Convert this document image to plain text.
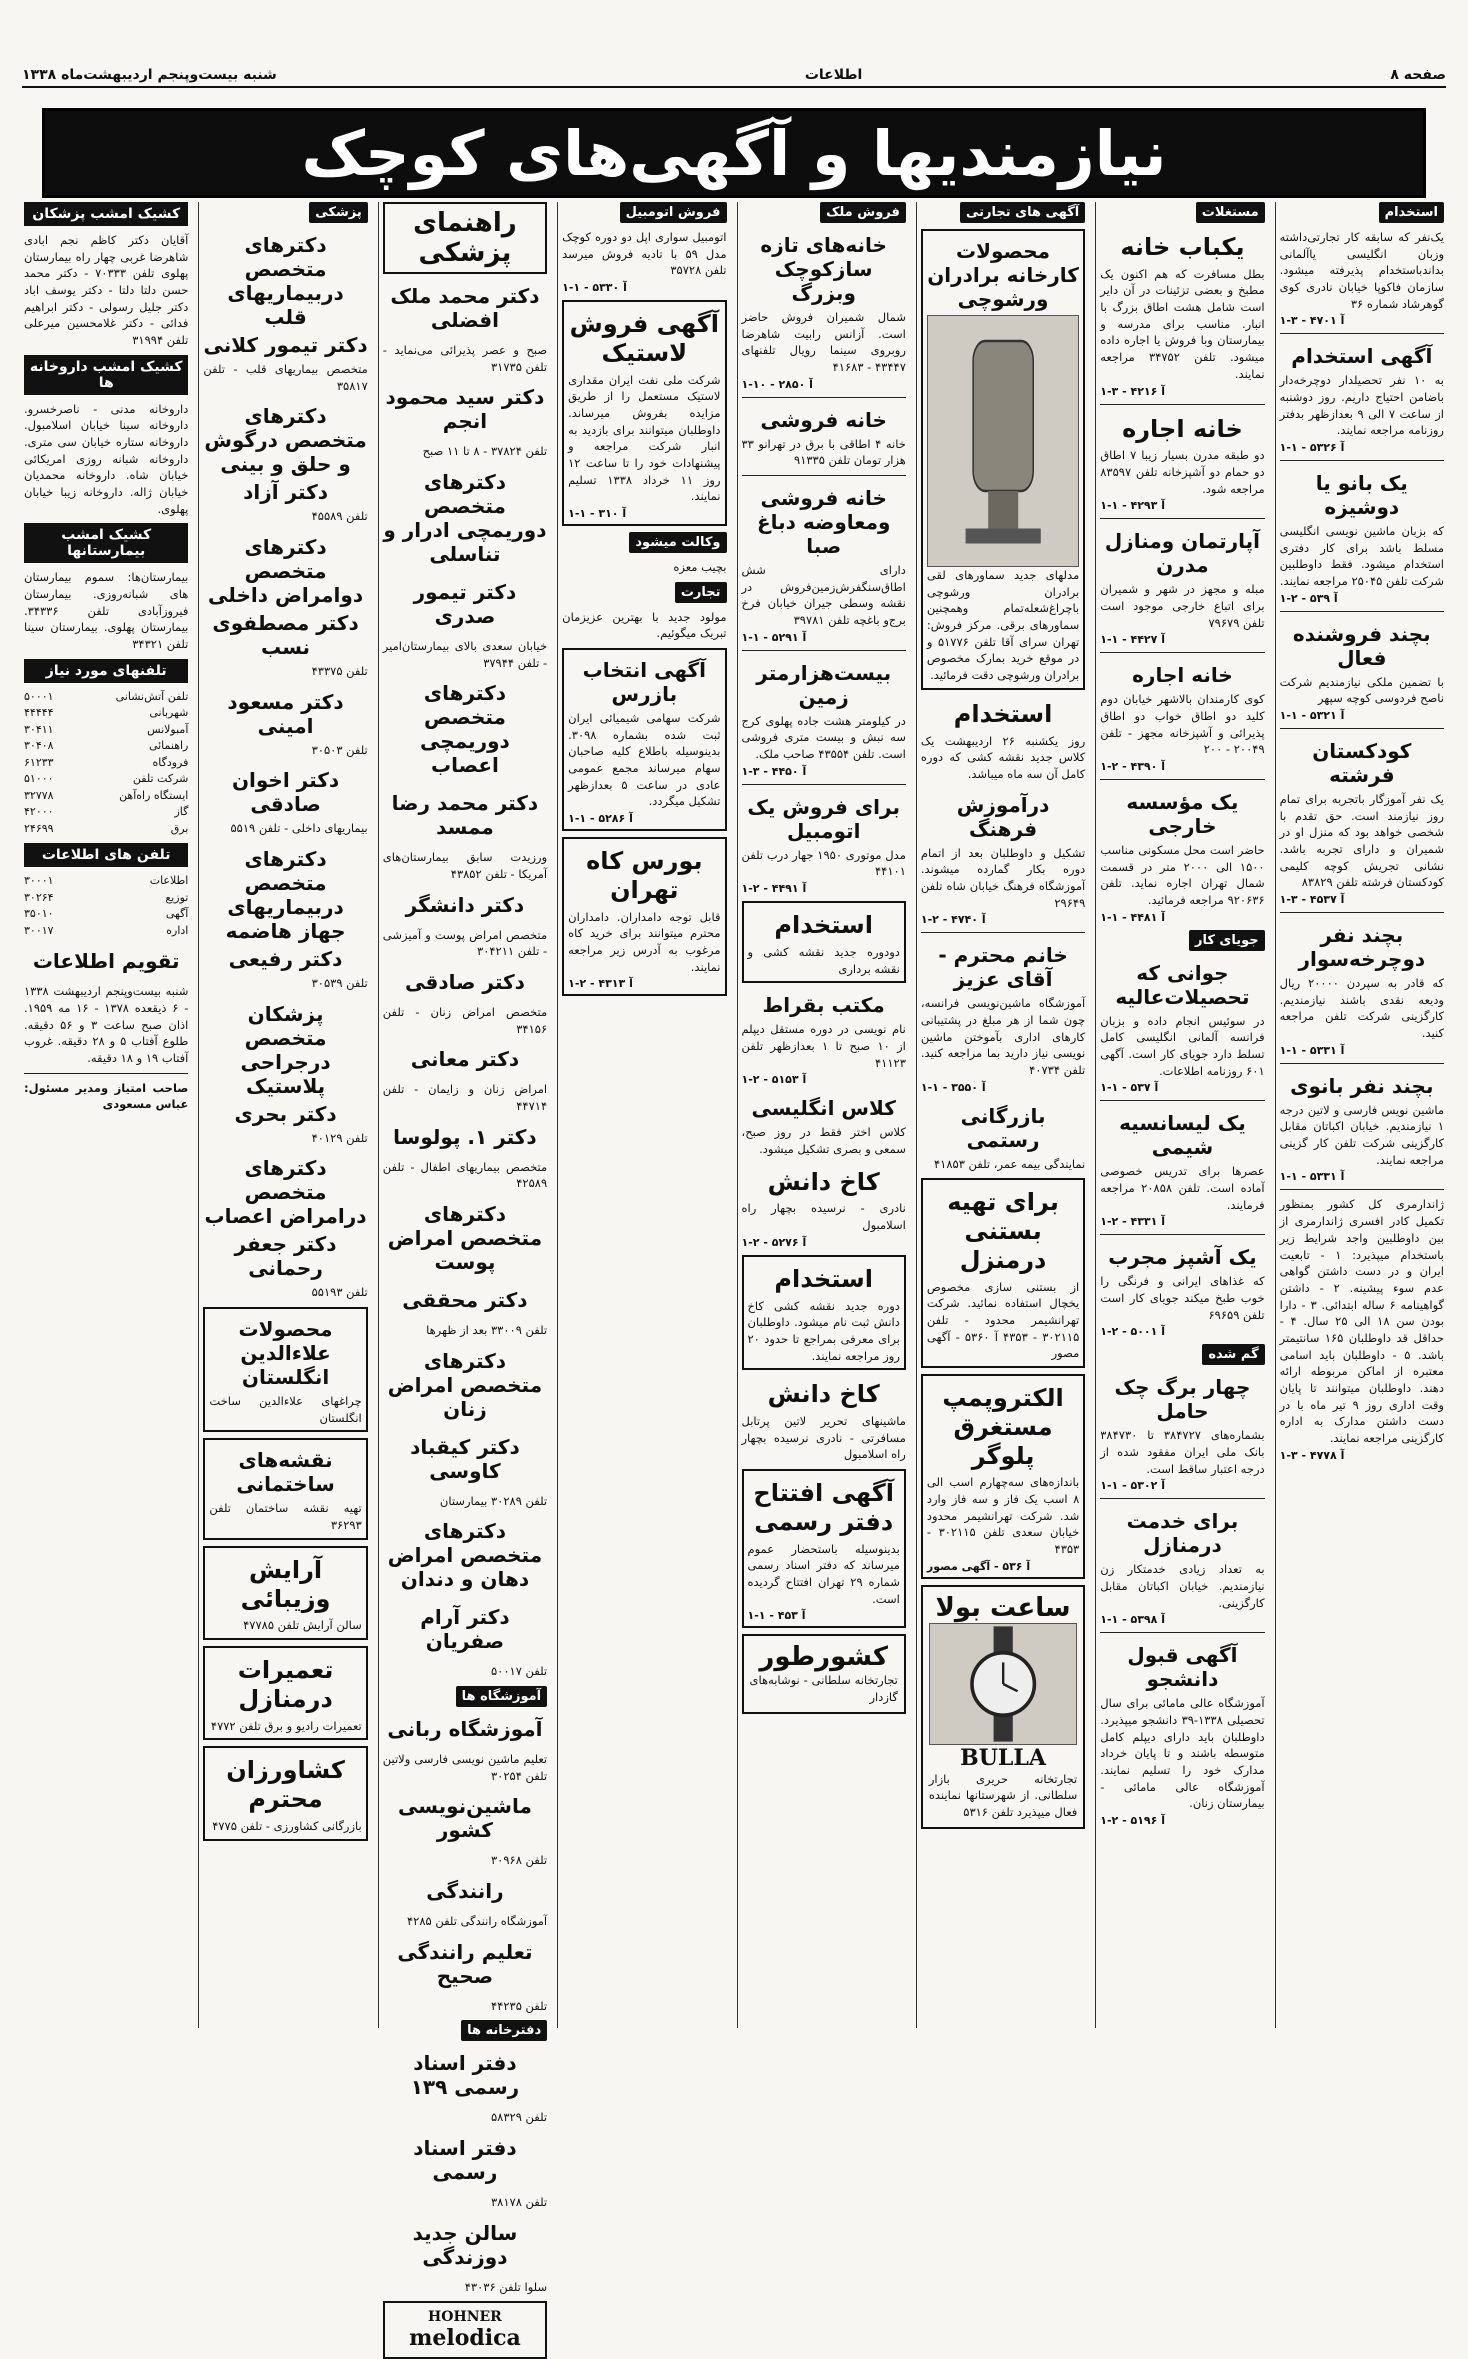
صفحه ۸
اطلاعات
شنبه بیست‌وپنجم اردیبهشت‌ماه ۱۳۳۸
نیازمندیها و آگهی‌های کوچک
استخدام
یک‌نفر که سابقه کار تجارتی‌داشته وزبان انگلیسی یاآلمانی بداندباستخدام پذیرفته میشود. سازمان فاکوپا خیابان نادری کوی گوهرشاد شماره ۳۶
آ ۴۷۰۱ - ۳-۱
آگهی استخدام
به ۱۰ نفر تحصیلدار دوچرخه‌دار باضامن احتیاج داریم. روز دوشنبه از ساعت ۷ الی ۹ بعدازظهر بدفتر روزنامه مراجعه نمایند.
آ ۵۳۲۶ - ۱-۱
یک بانو یا دوشیزه
که بزبان ماشین نویسی انگلیسی مسلط باشد برای کار دفتری استخدام میشود. فقط داوطلبین شرکت تلفن ۲۵۰۴۵ مراجعه نمایند.
آ ۵۳۹ - ۲-۱
بچند فروشنده فعال
با تضمین ملکی نیازمندیم شرکت ناصح فردوسی کوچه سپهر
آ ۵۳۲۱ - ۱-۱
کودکستان فرشته
یک نفر آموزگار باتجربه برای تمام روز نیازمند است. حق تقدم با شخصی خواهد بود که منزل او در شمیران و دارای تجربه باشد. نشانی تجریش کوچه کلیمی کودکستان فرشته تلفن ۸۳۸۲۹
آ ۴۵۳۷ - ۳-۱
بچند نفر دوچرخه‌سوار
که قادر به سپردن ۲۰۰۰۰ ریال ودیعه نقدی باشند نیازمندیم. کارگزینی شرکت تلفن مراجعه کنید.
آ ۵۳۳۱ - ۱-۱
بچند نفر بانوی
ماشین نویس فارسی و لاتین درجه ۱ نیازمندیم. خیابان اکباتان مقابل کارگزینی شرکت تلفن کار گزینی مراجعه نمایند.
آ ۵۳۳۱ - ۱-۱
ژاندارمری کل کشور بمنظور تکمیل کادر افسری ژاندارمری از بین داوطلبین واجد شرایط زیر باستخدام میپذیرد: ۱ - تابعیت ایران و در دست داشتن گواهی عدم سوء پیشینه. ۲ - داشتن گواهینامه ۶ ساله ابتدائی. ۳ - دارا بودن سن ۱۸ الی ۲۵ سال. ۴ - حداقل قد داوطلبان ۱۶۵ سانتیمتر باشد. ۵ - داوطلبان باید اسامی معتبره از اماکن مربوطه ارائه دهند. داوطلبان میتوانند تا پایان وقت اداری روز ۹ تیر ماه با در دست داشتن مدارک به اداره کارگزینی مراجعه نمایند.
آ ۴۷۷۸ - ۳-۱
مستغلات
یکباب خانه
بطل مسافرت که هم اکنون یک مطبخ و بعضی تزئینات در آن دایر است شامل هشت اطاق بزرگ با انبار. مناسب برای مدرسه و بیمارستان وبا فروش یا اجاره داده میشود. تلفن ۳۴۷۵۲ مراجعه نمایند.
آ ۴۲۱۶ - ۳-۱
خانه اجاره
دو طبقه مدرن بسیار زیبا ۷ اطاق دو حمام دو آشپزخانه تلفن ۸۳۵۹۷ مراجعه شود.
آ ۴۲۹۳ - ۱-۱
آپارتمان ومنازل مدرن
مبله و مجهز در شهر و شمیران برای اتباع خارجی موجود است تلفن ۷۹۶۷۹
آ ۴۴۲۷ - ۱-۱
خانه اجاره
کوی کارمندان بالاشهر خیابان دوم کلید دو اطاق خواب دو اطاق پذیرائی و آشپزخانه مجهز - تلفن ۲۰۰۴۹ - ۲۰۰
آ ۴۳۹۰ - ۲-۱
یک مؤسسه خارجی
حاضر است محل مسکونی مناسب ۱۵۰۰ الی ۲۰۰۰ متر در قسمت شمال تهران اجاره نماید. تلفن ۹۲۰۶۳۶ مراجعه فرمائید.
آ ۴۴۸۱ - ۱-۱
جویای کار
جوانی که تحصیلات‌عالیه
در سوئیس انجام داده و بزبان فرانسه آلمانی انگلیسی کامل تسلط دارد جویای کار است. آگهی ۶۰۱ روزنامه اطلاعات.
آ ۵۳۷ - ۱-۱
یک لیسانسیه شیمی
عصرها برای تدریس خصوصی آماده است. تلفن ۲۰۸۵۸ مراجعه فرمایند.
آ ۴۳۳۱ - ۲-۱
یک آشپز مجرب
که غذاهای ایرانی و فرنگی را خوب طبخ میکند جویای کار است تلفن ۶۹۶۵۹
آ ۵۰۰۱ - ۲-۱
گم شده
چهار برگ چک حامل
بشماره‌های ۳۸۴۷۲۷ تا ۳۸۴۷۳۰ بانک ملی ایران مفقود شده از درجه اعتبار ساقط است.
آ ۵۳۰۲ - ۱-۱
برای خدمت درمنازل
به تعداد زیادی خدمتکار زن نیازمندیم. خیابان اکباتان مقابل کارگزینی.
آ ۵۳۹۸ - ۱-۱
آگهی قبول دانشجو
آموزشگاه عالی مامائی برای سال تحصیلی ۱۳۳۸-۳۹ دانشجو میپذیرد. داوطلبان باید دارای دیپلم کامل متوسطه باشند و تا پایان خرداد مدارک خود را تسلیم نمایند. آموزشگاه عالی مامائی - بیمارستان زنان.
آ ۵۱۹۶ - ۲-۱
آگهی های تجارتی
محصولات کارخانه برادران ورشوچی
مدلهای جدید سماورهای لقی برادران ورشوچی باچراغ‌شعله‌تمام وهمچنین سماورهای برقی. مرکز فروش: تهران سرای آقا تلفن ۵۱۷۷۶ و در موقع خرید بمارک مخصوص برادران ورشوچی دقت فرمائید.
استخدام
روز یکشنبه ۲۶ اردیبهشت یک کلاس جدید نقشه کشی که دوره کامل آن سه ماه میباشد.
درآموزش فرهنگ
تشکیل و داوطلبان بعد از اتمام دوره بکار گمارده میشوند. آموزشگاه فرهنگ خیابان شاه تلفن ۲۹۶۴۹
آ ۴۷۴۰ - ۲-۱
خانم محترم - آقای عزیز
آموزشگاه ماشین‌نویسی فرانسه، چون شما از هر مبلغ در پشتیبانی کارهای اداری بآموختن ماشین نویسی نیاز دارید بما مراجعه کنید. تلفن ۴۰۷۳۴
آ ۳۵۵۰ - ۱-۱
بازرگانی رستمی
نمایندگی بیمه عمر، تلفن ۴۱۸۵۳
برای تهیه بستنی درمنزل
از بستنی سازی مخصوص یخچال استفاده نمائید. شرکت تهرانشیمر محدود - تلفن ۳۰۲۱۱۵ - ۴۳۵۳ آ ۵۳۶۰ - آگهی مصور
الکتروپمپ مستغرق پلوگر
باندازه‌های سه‌چهارم اسب الی ۸ اسب یک فاز و سه فاز وارد شد. شرکت تهرانشیمر محدود خیابان سعدی تلفن ۳۰۲۱۱۵ - ۴۳۵۳
آ ۵۳۶ - آگهی مصور
ساعت بولا
BULLA
تجارتخانه حریری بازار سلطانی. از شهرستانها نماینده فعال میپذیرد تلفن ۵۳۱۶
فروش ملک
خانه‌های تازه سازکوچک وبزرگ
شمال شمیران فروش حاضر است. آزانس رابیت شاهرضا روبروی سینما رویال تلفنهای ۴۳۴۴۷ - ۴۱۶۸۳
آ ۲۸۵۰ - ۱۰-۱
خانه فروشی
خانه ۴ اطاقی با برق در تهرانو ۳۳ هزار تومان تلفن ۹۱۳۳۵
خانه فروشی ومعاوضه دباغ صبا
دارای شش اطاق‌سنگفرش‌زمین‌فروش در نقشه وسطی جیران خیابان فرخ برج‌و باغچه تلفن ۳۹۷۸۱
آ ۵۲۹۱ - ۱-۱
بیست‌هزارمتر زمین
در کیلومتر هشت جاده پهلوی کرج سه‌ نبش و بیست متری فروشی است. تلفن ۴۳۵۵۴ صاحب ملک.
آ ۴۴۵۰ - ۳-۱
برای فروش یک اتومبیل
مدل موتوری ۱۹۵۰ جهار درب تلفن ۴۴۱۰۱
آ ۴۴۹۱ - ۲-۱
استخدام
دودوره جدید نقشه کشی و نقشه برداری
مکتب بقراط
نام نویسی در دوره مستقل دیپلم از ۱۰ صبح تا ۱ بعدازظهر تلفن ۴۱۱۲۳
آ ۵۱۵۳ - ۲-۱
کلاس انگلیسی
کلاس اختر فقط در روز صبح، سمعی و بصری تشکیل میشود.
کاخ دانش
نادری - نرسیده بچهار راه اسلامبول
آ ۵۲۷۶ - ۲-۱
استخدام
دوره جدید نقشه کشی کاخ دانش ثبت نام میشود. داوطلبان برای معرفی بمراجع تا حدود ۲۰ روز مراجعه نمایند.
کاخ دانش
ماشینهای تحریر لاتین پرتابل مسافرتی - نادری نرسیده بچهار راه اسلامبول
آگهی افتتاح دفتر رسمی
بدینوسیله باستحضار عموم میرساند که دفتر اسناد رسمی شماره ۲۹ تهران افتتاح گردیده است.
آ ۴۵۳ - ۱-۱
کشورطور
تجارتخانه سلطانی - نوشابه‌های گازدار
فروش اتومبیل
اتومبیل سواری اپل دو دوره کوچک مدل ۵۹ با تادیه فروش میرسد تلفن ۳۵۷۲۸
آ ۵۳۳۰ - ۱-۱
آگهی فروش لاستیک
شرکت ملی نفت ایران مقداری لاستیک مستعمل را از طریق مزایده بفروش میرساند. داوطلبان میتوانند برای بازدید به انبار شرکت مراجعه و پیشنهادات خود را تا ساعت ۱۲ روز ۱۱ خرداد ۱۳۳۸ تسلیم نمایند.
آ ۳۱۰ - ۱-۱
وکالت میشود
بچیب معزه
تجارت
مولود جدید با بهترین عزیزمان تبریک میگوئیم.
آگهی انتخاب بازرس
شرکت سهامی شیمیائی ایران ثبت شده بشماره ۳۰۹۸. بدینوسیله باطلاع کلیه صاحبان سهام میرساند مجمع عمومی عادی در ساعت ۵ بعدازظهر تشکیل میگردد.
آ ۵۲۸۶ - ۱-۱
بورس کاه تهران
قابل توجه دامداران. دامداران محترم میتوانند برای خرید کاه مرغوب به آدرس زیر مراجعه نمایند.
آ ۴۳۱۳ - ۲-۱
راهنمای پزشکی
دکتر محمد ملک افضلی
صبح و عصر پذیرائی می‌نماید - تلفن ۳۱۷۳۵
دکتر سید محمود انجم
تلفن ۳۷۸۲۴ - ۸ تا ۱۱ صبح
دکترهای متخصص دوریمچی ادرار و تناسلی
دکتر تیمور صدری
خیابان سعدی بالای بیمارستان‌امیر - تلفن ۳۷۹۴۴
دکترهای متخصص دوریمچی اعصاب
دکتر محمد رضا ممسد
ورزیدت سابق بیمارستان‌های آمریکا - تلفن ۴۳۸۵۲
دکتر دانشگر
متخصص امراض پوست و آمیزشی - تلفن ۳۰۴۲۱۱
دکتر صادقی
متخصص امراض زنان - تلفن ۳۴۱۵۶
دکتر معانی
امراض زنان و زایمان - تلفن ۴۴۷۱۴
دکتر ۱. پولوسا
متخصص بیماریهای اطفال - تلفن ۴۲۵۸۹
دکترهای متخصص امراض پوست
دکتر محققی
تلفن ۳۳۰۰۹ بعد از ظهرها
دکترهای متخصص امراض زنان
دکتر کیقباد کاوسی
تلفن ۳۰۲۸۹ بیمارستان
دکترهای متخصص امراض دهان و دندان
دکتر آرام صفریان
تلفن ۵۰۰۱۷
آموزشگاه ها
آموزشگاه ربانی
تعلیم ماشین نویسی فارسی ولاتین تلفن ۳۰۲۵۴
ماشین‌نویسی کشور
تلفن ۳۰۹۶۸
رانندگی
آموزشگاه رانندگی تلفن ۴۲۸۵
تعلیم رانندگی صحیح
تلفن ۴۴۲۳۵
دفترخانه ها
دفتر اسناد رسمی ۱۳۹
تلفن ۵۸۳۲۹
دفتر اسناد رسمی
تلفن ۳۸۱۷۸
سالن جدید دوزندگی
سلوا تلفن ۴۳۰۳۶
HOHNER
melodica
پزشکی
دکترهای متخصص دربیماریهای قلب
دکتر تیمور کلانی
متخصص بیماریهای قلب - تلفن ۳۵۸۱۷
دکترهای متخصص درگوش و حلق و بینی
دکتر آزاد
تلفن ۴۵۵۸۹
دکترهای متخصص دوامراض داخلی
دکتر مصطفوی نسب
تلفن ۴۳۳۷۵
دکتر مسعود امینی
تلفن ۳۰۵۰۳
دکتر اخوان صادقی
بیماریهای داخلی - تلفن ۵۵۱۹
دکترهای متخصص دربیماریهای جهاز هاضمه
دکتر رفیعی
تلفن ۳۰۵۳۹
پزشکان متخصص درجراحی پلاستیک
دکتر بحری
تلفن ۴۰۱۲۹
دکترهای متخصص درامراض اعصاب
دکتر جعفر رحمانی
تلفن ۵۵۱۹۳
محصولات علاءالدین انگلستان
چراغهای علاءالدین ساخت انگلستان
نقشه‌های ساختمانی
تهیه نقشه ساختمان تلفن ۳۶۲۹۳
آرایش وزیبائی
سالن آرایش تلفن ۴۷۷۸۵
تعمیرات درمنازل
تعمیرات رادیو و برق تلفن ۴۷۷۲
کشاورزان محترم
بازرگانی کشاورزی - تلفن ۴۷۷۵
کشیک امشب پزشکان
آقایان دکتر کاظم نجم ابادی شاهرضا غربی چهار راه بیمارستان پهلوی تلفن ۷۰۳۳۳ - دکتر محمد حسن دلتا دلتا - دکتر یوسف اباد دکتر جلیل رسولی - دکتر ابراهیم فدائی - دکتر غلامحسین میرعلی تلفن ۳۱۹۹۴
کشیک امشب داروخانه ها
داروخانه مدنی - ناصرخسرو. داروخانه سینا خیابان اسلامبول. داروخانه ستاره خیابان سی متری. داروخانه شبانه روزی امریکائی خیابان شاه. داروخانه محمدیان خیابان ژاله. داروخانه زیبا خیابان پهلوی.
کشیک امشب بیمارستانها
بیمارستان‌ها: سموم بیمارستان های شبانه‌روزی. بیمارستان فیروزآبادی تلفن ۳۴۳۳۶. بیمارستان پهلوی. بیمارستان سینا تلفن ۳۴۳۲۱
تلفنهای مورد نیاز
تلفن آتش‌نشانی
۵۰۰۰۱
شهربانی
۴۴۴۴۴
آمبولانس
۳۰۴۱۱
راهنمائی
۳۰۴۰۸
فرودگاه
۶۱۲۳۳
شرکت تلفن
۵۱۰۰۰
ایستگاه راه‌آهن
۳۲۷۷۸
گاز
۴۲۰۰۰
برق
۲۴۶۹۹
تلفن های اطلاعات
اطلاعات
۳۰۰۰۱
توزیع
۳۰۲۶۴
آگهی
۳۵۰۱۰
اداره
۳۰۰۱۷
تقویم اطلاعات
شنبه بیست‌وپنجم اردیبهشت ۱۳۳۸ - ۶ ذیقعده ۱۳۷۸ - ۱۶ مه ۱۹۵۹. اذان صبح ساعت ۳ و ۵۶ دقیقه. طلوع آفتاب ۵ و ۲۸ دقیقه. غروب آفتاب ۱۹ و ۱۸ دقیقه.
صاحب امتیاز ومدیر مسئول: عباس مسعودی
